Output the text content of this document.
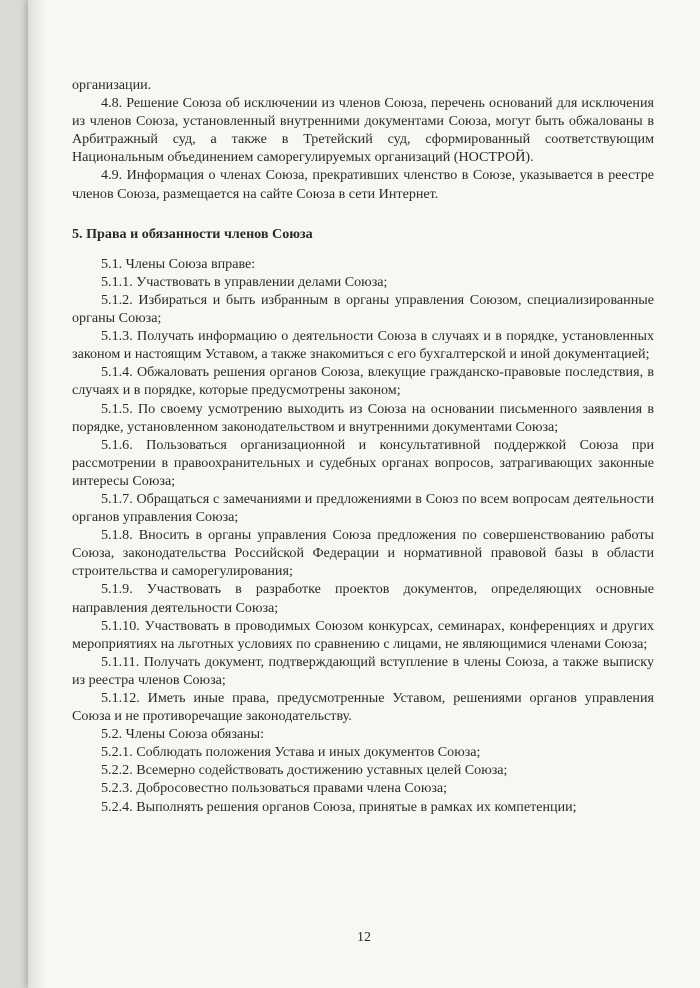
организации.

4.8. Решение Союза об исключении из членов Союза, перечень оснований для исключения из членов Союза, установленный внутренними документами Союза, могут быть обжалованы в Арбитражный суд, а также в Третейский суд, сформированный соответствующим Национальным объединением саморегулируемых организаций (НОСТРОЙ).

4.9. Информация о членах Союза, прекративших членство в Союзе, указывается в реестре членов Союза, размещается на сайте Союза в сети Интернет.

5. Права и обязанности членов Союза

5.1. Члены Союза вправе:

5.1.1. Участвовать в управлении делами Союза;

5.1.2. Избираться и быть избранным в органы управления Союзом, специализированные органы Союза;

5.1.3. Получать информацию о деятельности Союза в случаях и в порядке, установленных законом и настоящим Уставом, а также знакомиться с его бухгалтерской и иной документацией;

5.1.4. Обжаловать решения органов Союза, влекущие гражданско-правовые последствия, в случаях и в порядке, которые предусмотрены законом;

5.1.5. По своему усмотрению выходить из Союза на основании письменного заявления в порядке, установленном законодательством и внутренними документами Союза;

5.1.6. Пользоваться организационной и консультативной поддержкой Союза при рассмотрении в правоохранительных и судебных органах вопросов, затрагивающих законные интересы Союза;

5.1.7. Обращаться с замечаниями и предложениями в Союз по всем вопросам деятельности органов управления Союза;

5.1.8. Вносить в органы управления Союза предложения по совершенствованию работы Союза, законодательства Российской Федерации и нормативной правовой базы в области строительства и саморегулирования;

5.1.9. Участвовать в разработке проектов документов, определяющих основные направления деятельности Союза;

5.1.10. Участвовать в проводимых Союзом конкурсах, семинарах, конференциях и других мероприятиях на льготных условиях по сравнению с лицами, не являющимися членами Союза;

5.1.11. Получать документ, подтверждающий вступление в члены Союза, а также выписку из реестра членов Союза;

5.1.12. Иметь иные права, предусмотренные Уставом, решениями органов управления Союза и не противоречащие законодательству.

5.2. Члены Союза обязаны:

5.2.1. Соблюдать положения Устава и иных документов Союза;

5.2.2. Всемерно содействовать достижению уставных целей Союза;

5.2.3. Добросовестно пользоваться правами члена Союза;

5.2.4. Выполнять решения органов Союза, принятые в рамках их компетенции;

12
